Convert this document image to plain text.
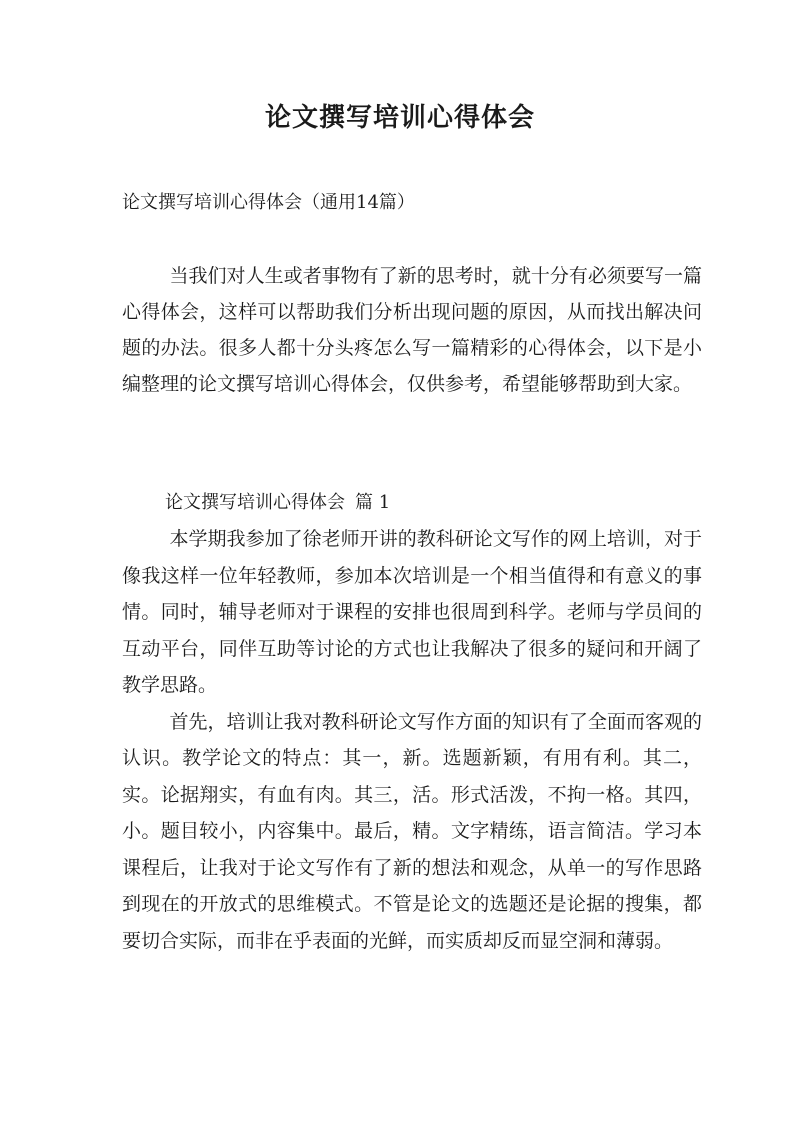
论文撰写培训心得体会
论文撰写培训心得体会（通用14篇）

当我们对人生或者事物有了新的思考时，就十分有必须要写一篇心得体会，这样可以帮助我们分析出现问题的原因，从而找出解决问题的办法。很多人都十分头疼怎么写一篇精彩的心得体会，以下是小编整理的论文撰写培训心得体会，仅供参考，希望能够帮助到大家。

论文撰写培训心得体会 篇 1

本学期我参加了徐老师开讲的教科研论文写作的网上培训，对于像我这样一位年轻教师，参加本次培训是一个相当值得和有意义的事情。同时，辅导老师对于课程的安排也很周到科学。老师与学员间的互动平台，同伴互助等讨论的方式也让我解决了很多的疑问和开阔了教学思路。

首先，培训让我对教科研论文写作方面的知识有了全面而客观的认识。教学论文的特点：其一，新。选题新颖，有用有利。其二，实。论据翔实，有血有肉。其三，活。形式活泼，不拘一格。其四，小。题目较小，内容集中。最后，精。文字精练，语言简洁。学习本课程后，让我对于论文写作有了新的想法和观念，从单一的写作思路到现在的开放式的思维模式。不管是论文的选题还是论据的搜集，都要切合实际，而非在乎表面的光鲜，而实质却反而显空洞和薄弱。
